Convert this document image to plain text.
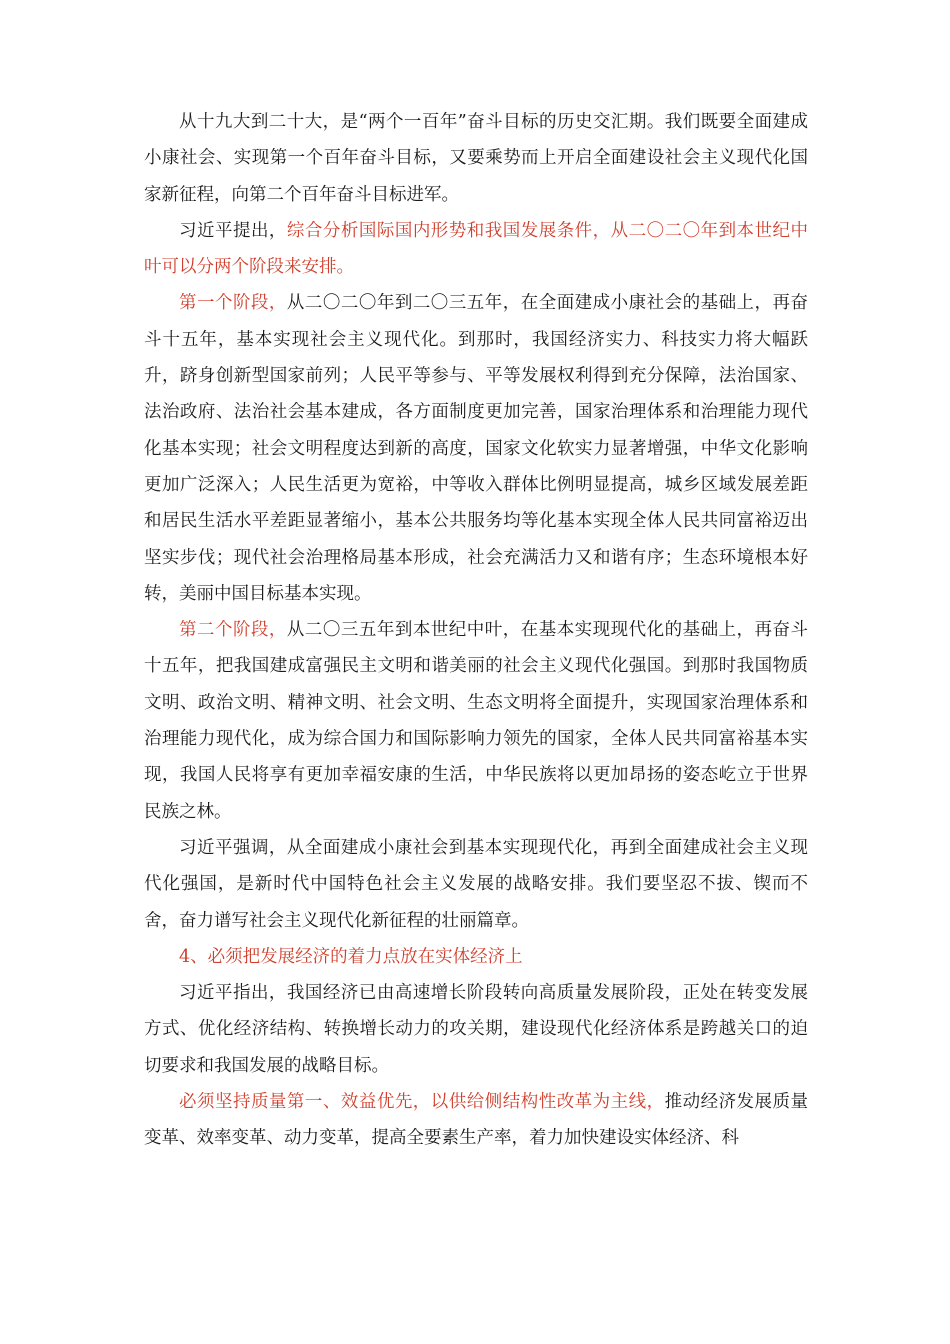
从十九大到二十大，是“两个一百年”奋斗目标的历史交汇期。我们既要全面建成小康社会、实现第一个百年奋斗目标，又要乘势而上开启全面建设社会主义现代化国家新征程，向第二个百年奋斗目标进军。

习近平提出，综合分析国际国内形势和我国发展条件，从二〇二〇年到本世纪中叶可以分两个阶段来安排。

第一个阶段，从二〇二〇年到二〇三五年，在全面建成小康社会的基础上，再奋斗十五年，基本实现社会主义现代化。到那时，我国经济实力、科技实力将大幅跃升，跻身创新型国家前列；人民平等参与、平等发展权利得到充分保障，法治国家、法治政府、法治社会基本建成，各方面制度更加完善，国家治理体系和治理能力现代化基本实现；社会文明程度达到新的高度，国家文化软实力显著增强，中华文化影响更加广泛深入；人民生活更为宽裕，中等收入群体比例明显提高，城乡区域发展差距和居民生活水平差距显著缩小，基本公共服务均等化基本实现全体人民共同富裕迈出坚实步伐；现代社会治理格局基本形成，社会充满活力又和谐有序；生态环境根本好转，美丽中国目标基本实现。

第二个阶段，从二〇三五年到本世纪中叶，在基本实现现代化的基础上，再奋斗十五年，把我国建成富强民主文明和谐美丽的社会主义现代化强国。到那时我国物质文明、政治文明、精神文明、社会文明、生态文明将全面提升，实现国家治理体系和治理能力现代化，成为综合国力和国际影响力领先的国家，全体人民共同富裕基本实现，我国人民将享有更加幸福安康的生活，中华民族将以更加昂扬的姿态屹立于世界民族之林。

习近平强调，从全面建成小康社会到基本实现现代化，再到全面建成社会主义现代化强国，是新时代中国特色社会主义发展的战略安排。我们要坚忍不拔、锲而不舍，奋力谱写社会主义现代化新征程的壮丽篇章。

4、必须把发展经济的着力点放在实体经济上

习近平指出，我国经济已由高速增长阶段转向高质量发展阶段，正处在转变发展方式、优化经济结构、转换增长动力的攻关期，建设现代化经济体系是跨越关口的迫切要求和我国发展的战略目标。

必须坚持质量第一、效益优先，以供给侧结构性改革为主线，推动经济发展质量变革、效率变革、动力变革，提高全要素生产率，着力加快建设实体经济、科
